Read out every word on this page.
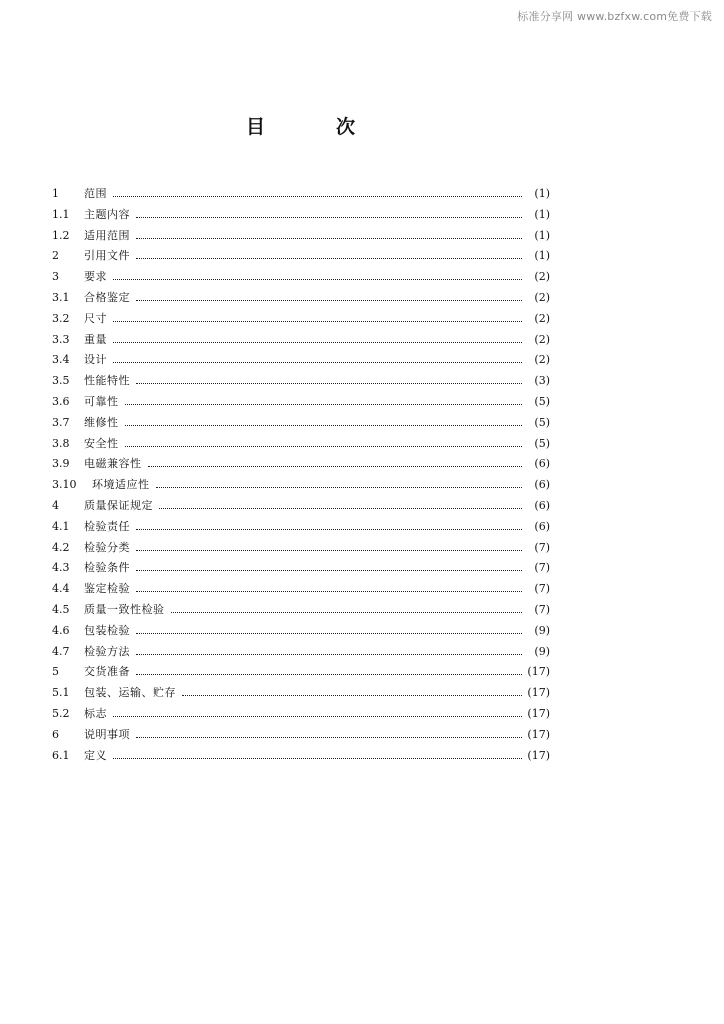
标准分享网 www.bzfxw.com免费下载
目	次
1	范围	(1)
1.1	主题内容	(1)
1.2	适用范围	(1)
2	引用文件	(1)
3	要求	(2)
3.1	合格鉴定	(2)
3.2	尺寸	(2)
3.3	重量	(2)
3.4	设计	(2)
3.5	性能特性	(3)
3.6	可靠性	(5)
3.7	维修性	(5)
3.8	安全性	(5)
3.9	电磁兼容性	(6)
3.10	环境适应性	(6)
4	质量保证规定	(6)
4.1	检验责任	(6)
4.2	检验分类	(7)
4.3	检验条件	(7)
4.4	鉴定检验	(7)
4.5	质量一致性检验	(7)
4.6	包装检验	(9)
4.7	检验方法	(9)
5	交货准备	(17)
5.1	包装、运输、贮存	(17)
5.2	标志	(17)
6	说明事项	(17)
6.1	定义	(17)
